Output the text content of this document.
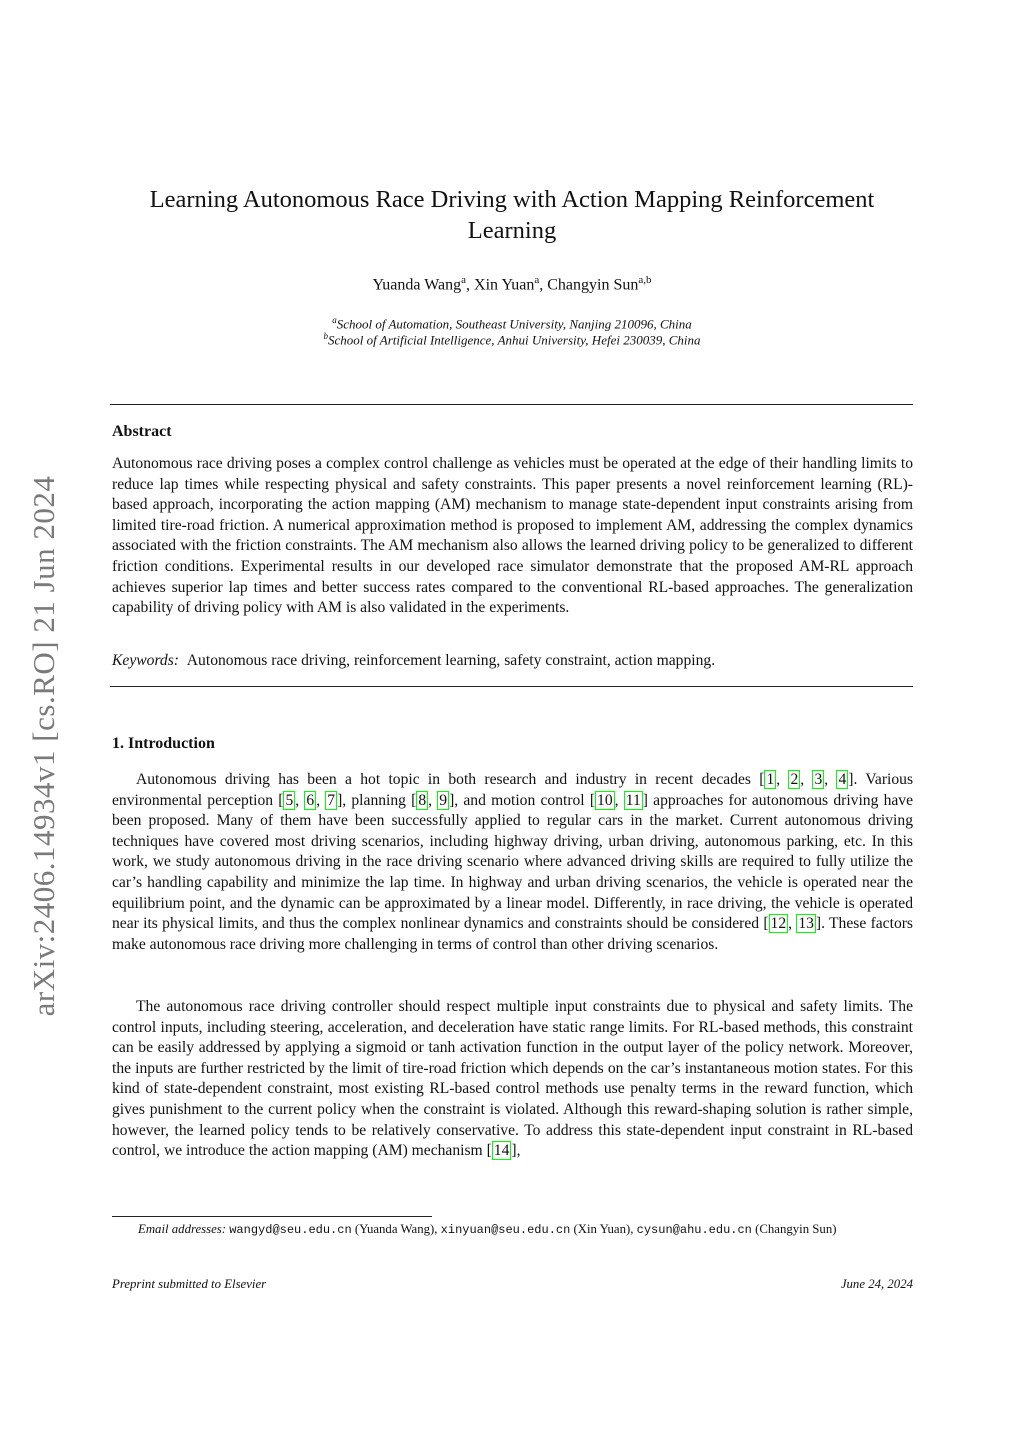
arXiv:2406.14934v1 [cs.RO] 21 Jun 2024
Learning Autonomous Race Driving with Action Mapping Reinforcement Learning
Yuanda Wang$^a$, Xin Yuan$^a$, Changyin Sun$^{a,b}$
$^a$School of Automation, Southeast University, Nanjing 210096, China
$^b$School of Artificial Intelligence, Anhui University, Hefei 230039, China
Abstract
Autonomous race driving poses a complex control challenge as vehicles must be operated at the edge of their handling limits to reduce lap times while respecting physical and safety constraints. This paper presents a novel reinforcement learning (RL)-based approach, incorporating the action mapping (AM) mechanism to manage state-dependent input constraints arising from limited tire-road friction. A numerical approximation method is proposed to implement AM, addressing the complex dynamics associated with the friction constraints. The AM mechanism also allows the learned driving policy to be generalized to different friction conditions. Experimental results in our developed race simulator demonstrate that the proposed AM-RL approach achieves superior lap times and better success rates compared to the conventional RL-based approaches. The generalization capability of driving policy with AM is also validated in the experiments.
Keywords: Autonomous race driving, reinforcement learning, safety constraint, action mapping.
1. Introduction
Autonomous driving has been a hot topic in both research and industry in recent decades [ 1 , 2 , 3 , 4 ]. Various environmental perception [ 5 , 6 , 7 ], planning [ 8 , 9 ], and motion control [ 10 , 11 ] approaches for autonomous driving have been proposed. Many of them have been successfully applied to regular cars in the market. Current autonomous driving techniques have covered most driving scenarios, including highway driving, urban driving, autonomous parking, etc. In this work, we study autonomous driving in the race driving scenario where advanced driving skills are required to fully utilize the car’s handling capability and minimize the lap time. In highway and urban driving scenarios, the vehicle is operated near the equilibrium point, and the dynamic can be approximated by a linear model. Differently, in race driving, the vehicle is operated near its physical limits, and thus the complex nonlinear dynamics and constraints should be considered [ 12 , 13 ]. These factors make autonomous race driving more challenging in terms of control than other driving scenarios.
The autonomous race driving controller should respect multiple input constraints due to physical and safety limits. The control inputs, including steering, acceleration, and deceleration have static range limits. For RL-based methods, this constraint can be easily addressed by applying a sigmoid or tanh activation function in the output layer of the policy network. Moreover, the inputs are further restricted by the limit of tire-road friction which depends on the car’s instantaneous motion states. For this kind of state-dependent constraint, most existing RL-based control methods use penalty terms in the reward function, which gives punishment to the current policy when the constraint is violated. Although this reward-shaping solution is rather simple, however, the learned policy tends to be relatively conservative. To address this state-dependent input constraint in RL-based control, we introduce the action mapping (AM) mechanism [ 14 ],
Email addresses: wangyd@seu.edu.cn (Yuanda Wang), xinyuan@seu.edu.cn (Xin Yuan), cysun@ahu.edu.cn (Changyin Sun)
Preprint submitted to Elsevier	June 24, 2024
